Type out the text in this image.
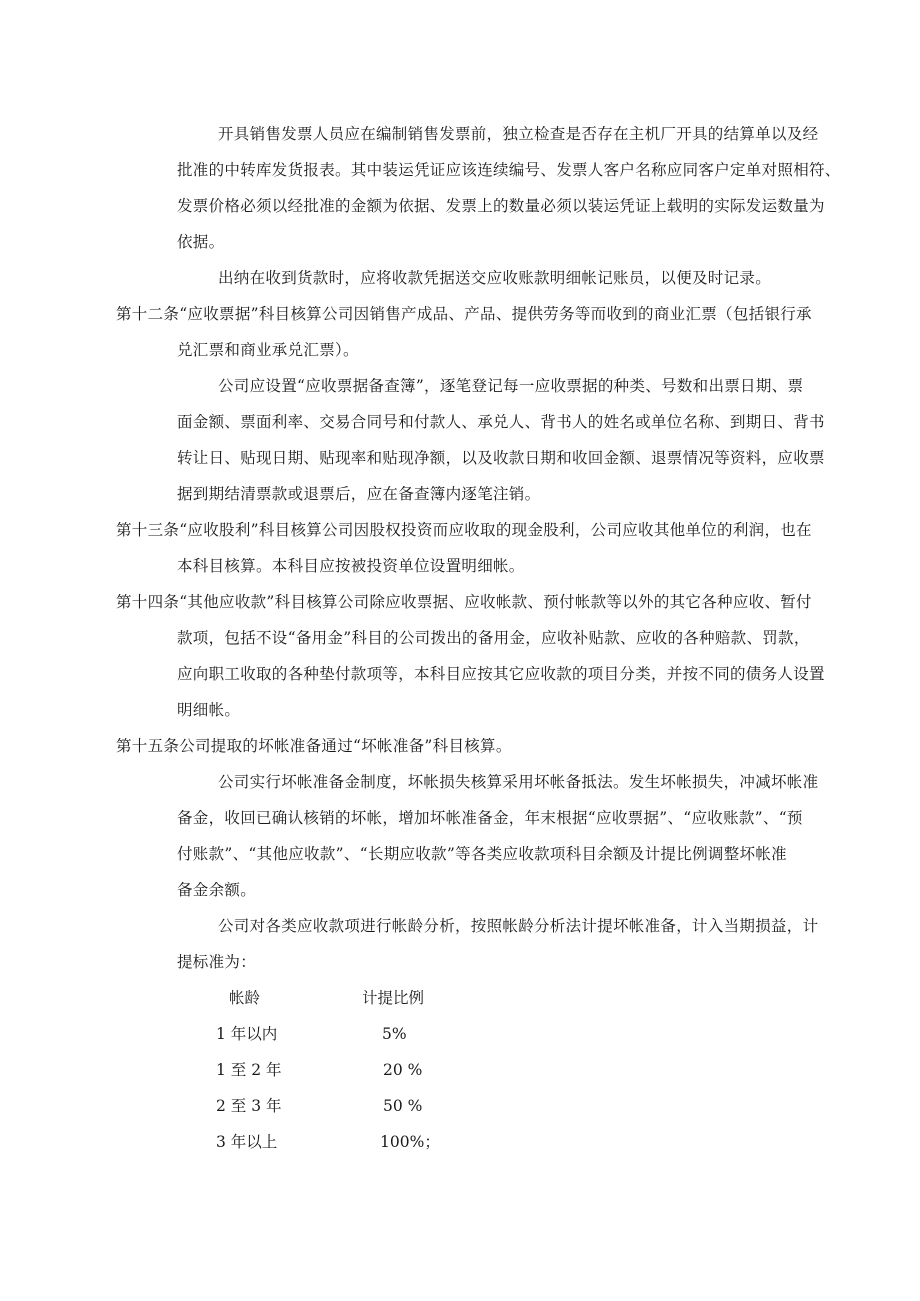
开具销售发票人员应在编制销售发票前，独立检查是否存在主机厂开具的结算单以及经
批准的中转库发货报表。其中装运凭证应该连续编号、发票人客户名称应同客户定单对照相符、
发票价格必须以经批准的金额为依据、发票上的数量必须以装运凭证上载明的实际发运数量为
依据。
出纳在收到货款时，应将收款凭据送交应收账款明细帐记账员，以便及时记录。
第十二条“应收票据”科目核算公司因销售产成品、产品、提供劳务等而收到的商业汇票（包括银行承
兑汇票和商业承兑汇票）。
公司应设置“应收票据备查簿”，逐笔登记每一应收票据的种类、号数和出票日期、票
面金额、票面利率、交易合同号和付款人、承兑人、背书人的姓名或单位名称、到期日、背书
转让日、贴现日期、贴现率和贴现净额，以及收款日期和收回金额、退票情况等资料，应收票
据到期结清票款或退票后，应在备查簿内逐笔注销。
第十三条“应收股利”科目核算公司因股权投资而应收取的现金股利，公司应收其他单位的利润，也在
本科目核算。本科目应按被投资单位设置明细帐。
第十四条“其他应收款”科目核算公司除应收票据、应收帐款、预付帐款等以外的其它各种应收、暂付
款项，包括不设“备用金”科目的公司拨出的备用金，应收补贴款、应收的各种赔款、罚款，
应向职工收取的各种垫付款项等，本科目应按其它应收款的项目分类，并按不同的债务人设置
明细帐。
第十五条公司提取的坏帐准备通过“坏帐准备”科目核算。
公司实行坏帐准备金制度，坏帐损失核算采用坏帐备抵法。发生坏帐损失，冲减坏帐准
备金，收回已确认核销的坏帐，增加坏帐准备金，年末根据“应收票据”、“应收账款”、“预
付账款”、“其他应收款”、“长期应收款”等各类应收款项科目余额及计提比例调整坏帐准
备金余额。
公司对各类应收款项进行帐龄分析，按照帐龄分析法计提坏帐准备，计入当期损益，计
提标准为：
帐龄	计提比例
1 年以内	5%
1 至 2 年	20 %
2 至 3 年	50 %
3 年以上	100%；
